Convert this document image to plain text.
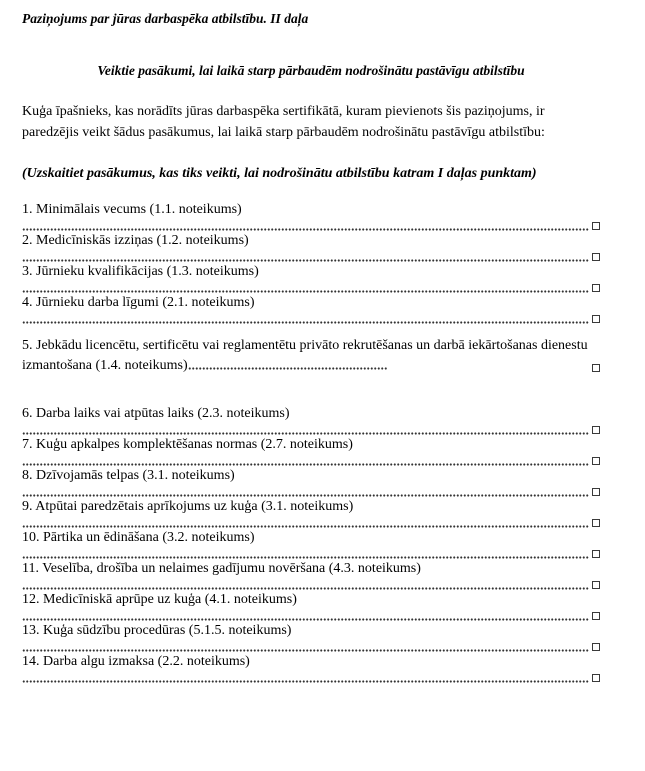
Paziņojums par jūras darbaspēka atbilstību. II daļa
Veiktie pasākumi, lai laikā starp pārbaudēm nodrošinātu pastāvīgu atbilstību

Kuģa īpašnieks, kas norādīts jūras darbaspēka sertifikātā, kuram pievienots šis paziņojums, ir paredzējis veikt šādus pasākumus, lai laikā starp pārbaudēm nodrošinātu pastāvīgu atbilstību:

(Uzskaitiet pasākumus, kas tiks veikti, lai nodrošinātu atbilstību katram I daļas punktam)

1. Minimālais vecums (1.1. noteikums)
2. Medicīniskās izziņas (1.2. noteikums)
3. Jūrnieku kvalifikācijas (1.3. noteikums)
4. Jūrnieku darba līgumi (2.1. noteikums)
5. Jebkādu licencētu, sertificētu vai reglamentētu privāto rekrutēšanas un darbā iekārtošanas dienestu izmantošana (1.4. noteikums)
6. Darba laiks vai atpūtas laiks (2.3. noteikums)
7. Kuģu apkalpes komplektēšanas normas (2.7. noteikums)
8. Dzīvojamās telpas (3.1. noteikums)
9. Atpūtai paredzētais aprīkojums uz kuģa (3.1. noteikums)
10. Pārtika un ēdināšana (3.2. noteikums)
11. Veselība, drošība un nelaimes gadījumu novēršana (4.3. noteikums)
12. Medicīniskā aprūpe uz kuģa (4.1. noteikums)
13. Kuģa sūdzību procedūras (5.1.5. noteikums)
14. Darba algu izmaksa (2.2. noteikums)
